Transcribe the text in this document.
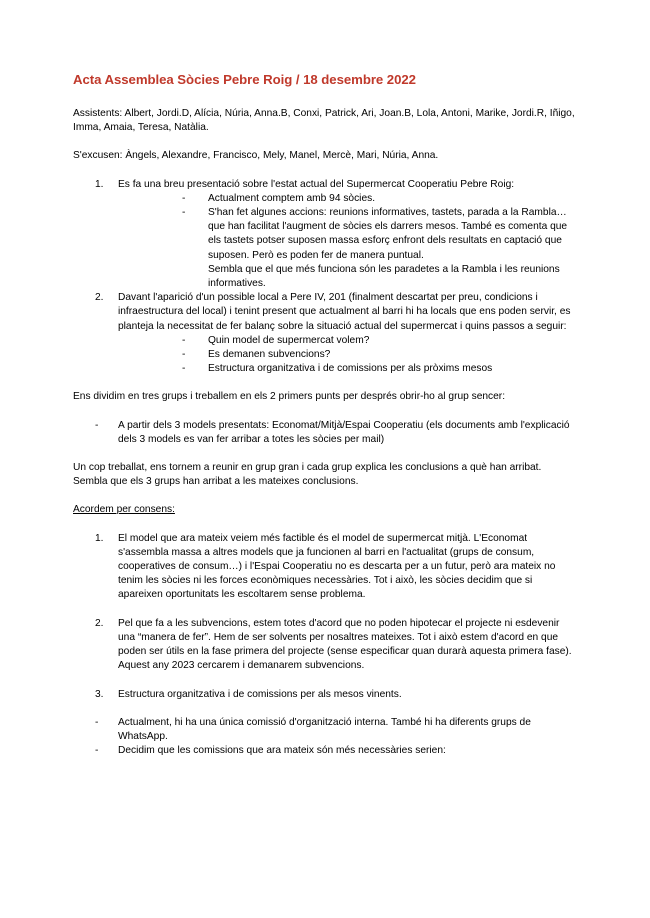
Acta Assemblea Sòcies Pebre Roig / 18 desembre 2022

Assistents: Albert, Jordi.D, Alícia, Núria, Anna.B, Conxi, Patrick, Ari, Joan.B, Lola, Antoni, Marike, Jordi.R, Iñigo, Imma, Amaia, Teresa, Natàlia.

S'excusen: Àngels, Alexandre, Francisco, Mely, Manel, Mercè, Mari, Núria, Anna.

1.	Es fa una breu presentació sobre l'estat actual del Supermercat Cooperatiu Pebre Roig:
- Actualment comptem amb 94 sòcies.
- S'han fet algunes accions: reunions informatives, tastets, parada a la Rambla… que han facilitat l'augment de sòcies els darrers mesos. També es comenta que els tastets potser suposen massa esforç enfront dels resultats en captació que suposen. Però es poden fer de manera puntual.
Sembla que el que més funciona són les paradetes a la Rambla i les reunions informatives.
2.	Davant l'aparició d'un possible local a Pere IV, 201 (finalment descartat per preu, condicions i infraestructura del local) i tenint present que actualment al barri hi ha locals que ens poden servir, es planteja la necessitat de fer balanç sobre la situació actual del supermercat i quins passos a seguir:
- Quin model de supermercat volem?
- Es demanen subvencions?
- Estructura organitzativa i de comissions per als pròxims mesos

Ens dividim en tres grups i treballem en els 2 primers punts per després obrir-ho al grup sencer:

- A partir dels 3 models presentats: Economat/Mitjà/Espai Cooperatiu (els documents amb l'explicació dels 3 models es van fer arribar a totes les sòcies per mail)

Un cop treballat, ens tornem a reunir en grup gran i cada grup explica les conclusions a què han arribat. Sembla que els 3 grups han arribat a les mateixes conclusions.

Acordem per consens:

1.	El model que ara mateix veiem més factible és el model de supermercat mitjà. L'Economat s'assembla massa a altres models que ja funcionen al barri en l'actualitat (grups de consum, cooperatives de consum…) i l'Espai Cooperatiu no es descarta per a un futur, però ara mateix no tenim les sòcies ni les forces econòmiques necessàries. Tot i això, les sòcies decidim que si apareixen oportunitats les escoltarem sense problema.
2.	Pel que fa a les subvencions, estem totes d'acord que no poden hipotecar el projecte ni esdevenir una “manera de fer”. Hem de ser solvents per nosaltres mateixes. Tot i això estem d'acord en que poden ser útils en la fase primera del projecte (sense especificar quan durarà aquesta primera fase). Aquest any 2023 cercarem i demanarem subvencions.
3.	Estructura organitzativa i de comissions per als mesos vinents.
- Actualment, hi ha una única comissió d'organització interna. També hi ha diferents grups de WhatsApp.
- Decidim que les comissions que ara mateix són més necessàries serien:
